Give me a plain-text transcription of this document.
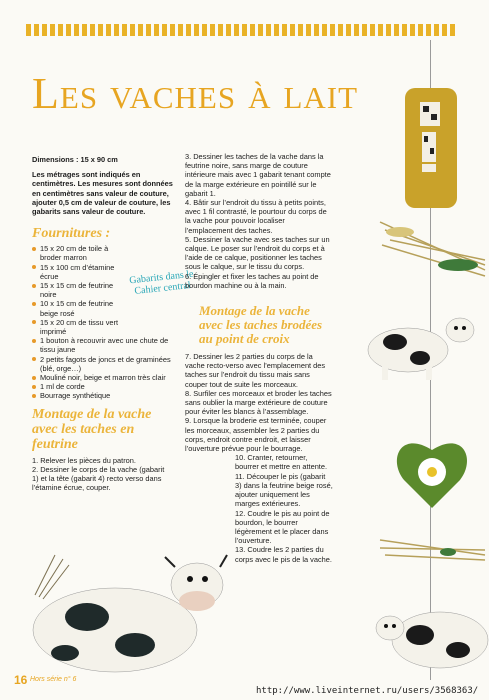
Les vaches à lait
Dimensions : 15 x 90 cm
Les métrages sont indiqués en centimètres. Les mesures sont données en centimètres sans valeur de couture, ajouter 0,5 cm de valeur de couture, les gabarits sans valeur de couture.
Fournitures :
15 x 20 cm de toile à broder marron
15 x 100 cm d’étamine écrue
15 x 15 cm de feutrine noire
10 x 15 cm de feutrine beige rosé
15 x 20 cm de tissu vert imprimé
1 bouton à recouvrir avec une chute de tissu jaune
2 petits fagots de joncs et de graminées (blé, orge…)
Mouliné noir, beige et marron très clair
1 ml de corde
Bourrage synthétique
Montage de la vache avec les taches en feutrine
1. Relever les pièces du patron.
2. Dessiner le corps de la vache (gabarit 1) et la tête (gabarit 4) recto verso dans l’étamine écrue, couper.
Gabarits dans le Cahier central
3. Dessiner les taches de la vache dans la feutrine noire, sans marge de couture intérieure mais avec 1 gabarit tenant compte de la marge extérieure en pointillé sur le gabarit 1.
4. Bâtir sur l’endroit du tissu à petits points, avec 1 fil contrasté, le pourtour du corps de la vache pour pouvoir localiser l’emplacement des taches.
5. Dessiner la vache avec ses taches sur un calque. Le poser sur l’endroit du corps et à l’aide de ce calque, positionner les taches sous le calque, sur le tissu du corps.
6. Épingler et fixer les taches au point de bourdon machine ou à la main.
Montage de la vache avec les taches brodées au point de croix
7. Dessiner les 2 parties du corps de la vache recto-verso avec l’emplacement des taches sur l’endroit du tissu mais sans couper tout de suite les morceaux.
8. Surfiler ces morceaux et broder les taches sans oublier la marge extérieure de couture pour éviter les blancs à l’assemblage.
9. Lorsque la broderie est terminée, couper les morceaux, assembler les 2 parties du corps, endroit contre endroit, et laisser l’ouverture prévue pour le bourrage.
10. Cranter, retourner, bourrer et mettre en attente.
11. Découper le pis (gabarit 3) dans la feutrine beige rosé, ajouter uniquement les marges extérieures.
12. Coudre le pis au point de bourdon, le bourrer légèrement et le placer dans l’ouverture.
13. Coudre les 2 parties du corps avec le pis de la vache.
16 Hors série n° 6
http://www.liveinternet.ru/users/3568363/
